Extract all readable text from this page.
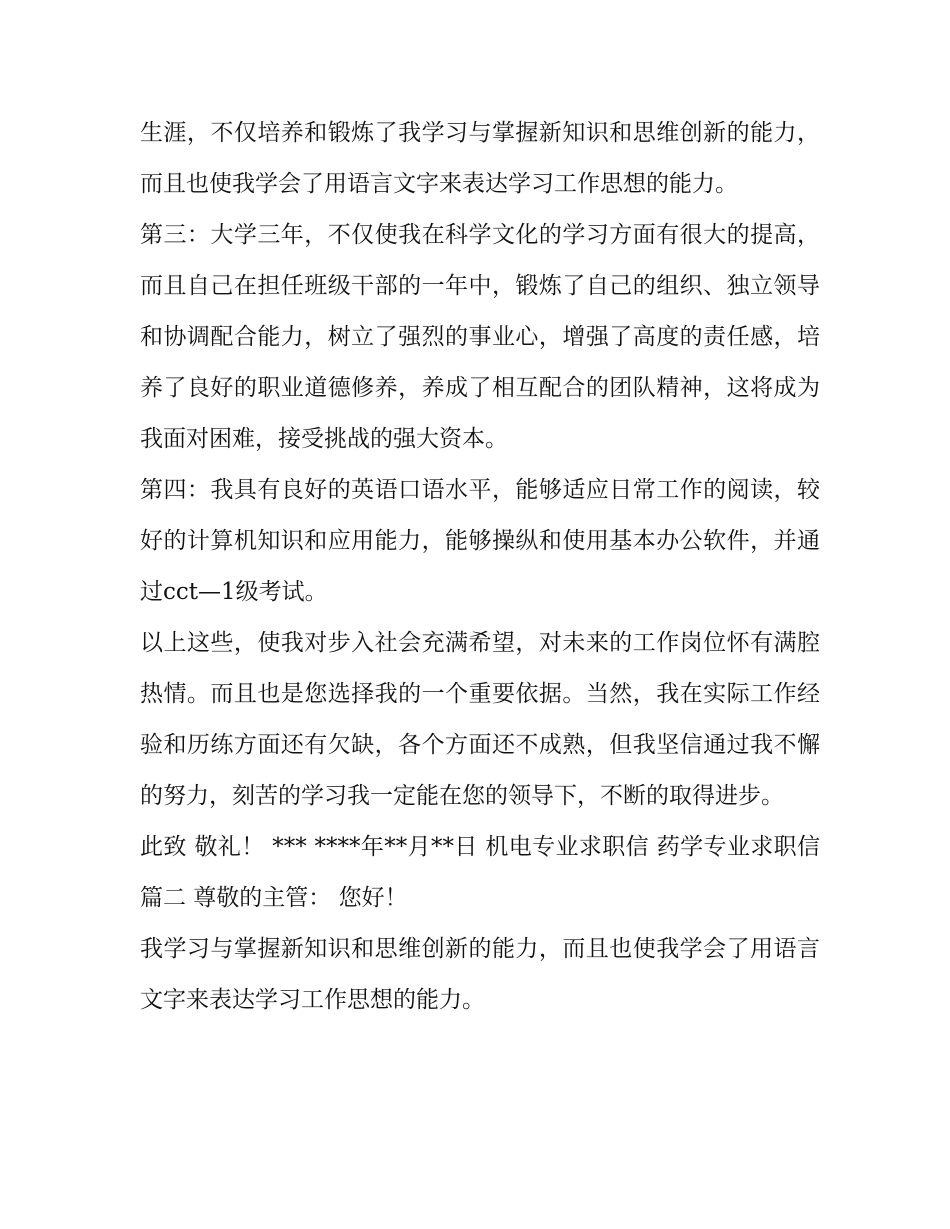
生涯，不仅培养和锻炼了我学习与掌握新知识和思维创新的能力，而且也使我学会了用语言文字来表达学习工作思想的能力。

第三：大学三年，不仅使我在科学文化的学习方面有很大的提高，而且自己在担任班级干部的一年中，锻炼了自己的组织、独立领导和协调配合能力，树立了强烈的事业心，增强了高度的责任感，培养了良好的职业道德修养，养成了相互配合的团队精神，这将成为我面对困难，接受挑战的强大资本。

第四：我具有良好的英语口语水平，能够适应日常工作的阅读，较好的计算机知识和应用能力，能够操纵和使用基本办公软件，并通过cct—1级考试。

以上这些，使我对步入社会充满希望，对未来的工作岗位怀有满腔热情。而且也是您选择我的一个重要依据。当然，我在实际工作经验和历练方面还有欠缺，各个方面还不成熟，但我坚信通过我不懈的努力，刻苦的学习我一定能在您的领导下，不断的取得进步。

此致 敬礼！ *** ****年**月**日 机电专业求职信 药学专业求职信篇二 尊敬的主管： 您好！

我学习与掌握新知识和思维创新的能力，而且也使我学会了用语言文字来表达学习工作思想的能力。
